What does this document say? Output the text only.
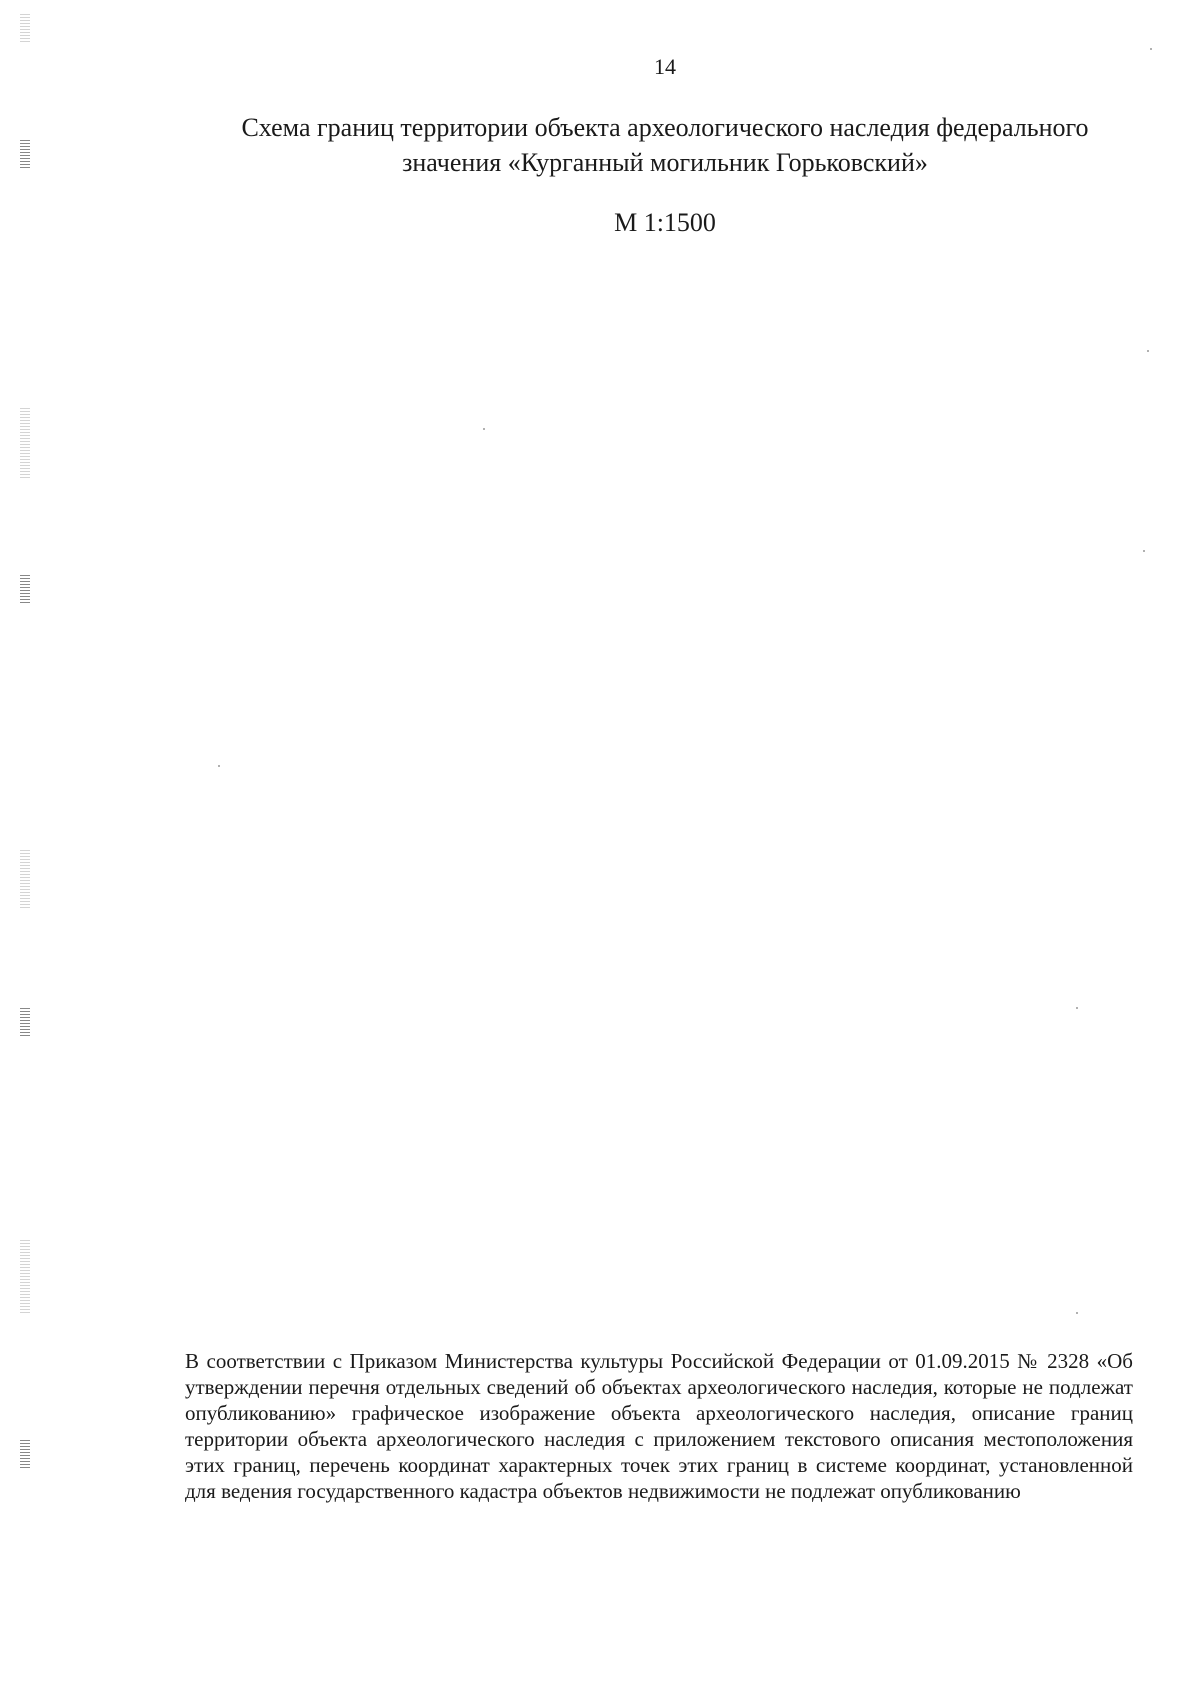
14
Схема границ территории объекта археологического наследия федерального
значения «Курганный могильник Горьковский»
М 1:1500
В соответствии с Приказом Министерства культуры Российской Федерации от 01.09.2015 № 2328 «Об утверждении перечня отдельных сведений об объектах археологического наследия, которые не подлежат опубликованию» графическое изображение объекта археологического наследия, описание границ территории объекта археологического наследия с приложением текстового описания местоположения этих границ, перечень координат характерных точек этих границ в системе координат, установленной для ведения государственного кадастра объектов недвижимости не подлежат опубликованию
